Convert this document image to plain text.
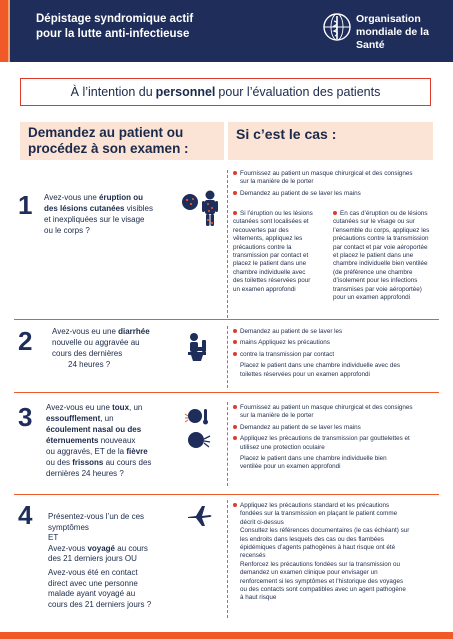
Dépistage syndromique actif
pour la lutte anti-infectieuse
Organisation
mondiale de la Santé
À l’intention du personnel pour l’évaluation des patients
Demandez au patient ou
procédez à son examen :
Si c’est le cas :
1 Avez-vous une éruption ou
des lésions cutanées visibles
et inexpliquées sur le visage
ou le corps ?
Fournissez au patient un masque chirurgical et des consignes
sur la manière de le porter
Demandez au patient de se laver les mains
Si l’éruption ou les lésions
cutanées sont localisées et
recouvertes par des
vêtements, appliquez les
précautions contre la
transmission par contact et
placez le patient dans une
chambre individuelle avec
des toilettes réservées pour
un examen approfondi
En cas d’éruption ou de lésions
cutanées sur le visage ou sur
l’ensemble du corps, appliquez les
précautions contre la transmission
par contact et par voie aéroportée
et placez le patient dans une
chambre individuelle bien ventilée
(de préférence une chambre
d’isolement pour les infections
transmises par voie aéroportée)
pour un examen approfondi
2 Avez-vous eu une diarrhée
nouvelle ou aggravée au
cours des dernières
24 heures ?
Demandez au patient de se laver les
mains Appliquez les précautions
contre la transmission par contact
Placez le patient dans une chambre individuelle avec des
toilettes réservées pour un examen approfondi
3 Avez-vous eu une toux, un
essoufflement, un
écoulement nasal ou des
éternuements nouveaux
ou aggravés, ET de la fièvre
ou des frissons au cours des
dernières 24 heures ?
Fournissez au patient un masque chirurgical et des consignes
sur la manière de le porter
Demandez au patient de se laver les mains
Appliquez les précautions de transmission par gouttelettes et
utilisez une protection oculaire
Placez le patient dans une chambre individuelle bien
ventilée pour un examen approfondi
4 Présentez-vous l’un de ces
symptômes
ET
Avez-vous voyagé au cours
des 21 derniers jours OU
Avez-vous été en contact
direct avec une personne
malade ayant voyagé au
cours des 21 derniers jours ?
Appliquez les précautions standard et les précautions
fondées sur la transmission en plaçant le patient comme
décrit ci-dessus
Consultez les références documentaires (le cas échéant) sur
les endroits dans lesquels des cas ou des flambées
épidémiques d’agents pathogènes à haut risque ont été
recensés
Renforcez les précautions fondées sur la transmission ou
demandez un examen clinique pour envisager un
renforcement si les symptômes et l’historique des voyages
ou des contacts sont compatibles avec un agent pathogène
à haut risque
